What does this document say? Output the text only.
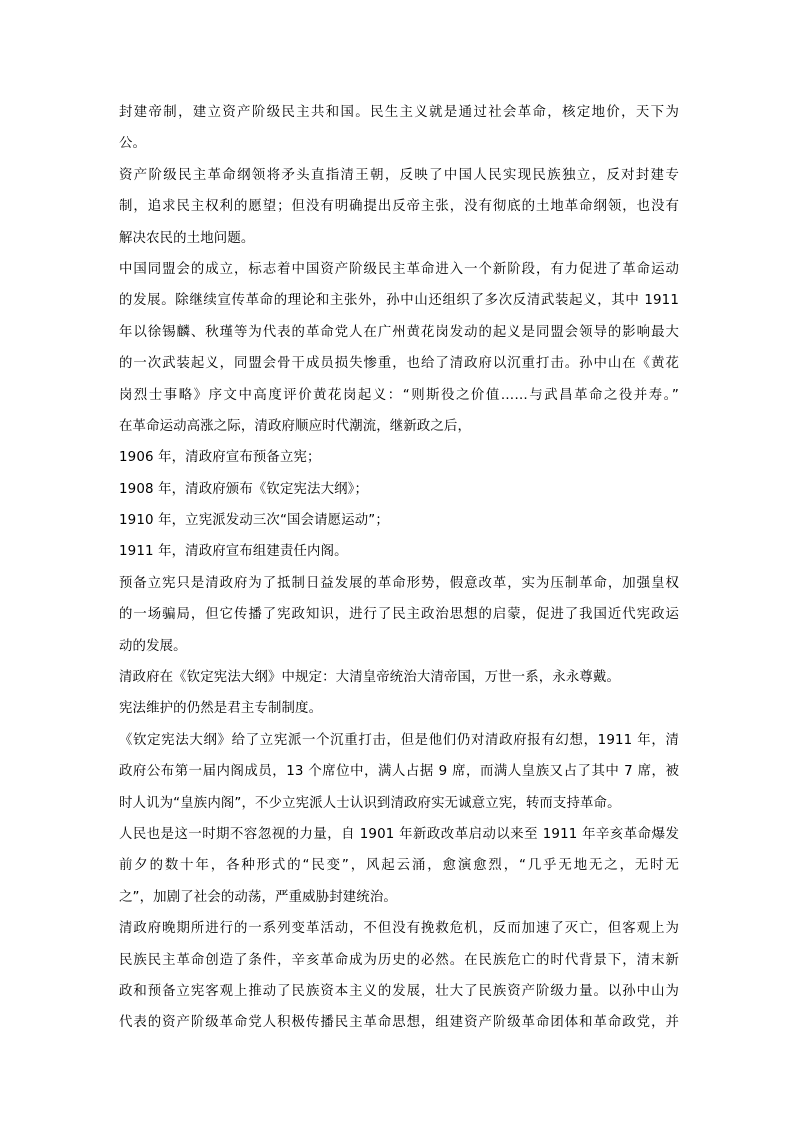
封建帝制，建立资产阶级民主共和国。民生主义就是通过社会革命，核定地价，天下为
公。
资产阶级民主革命纲领将矛头直指清王朝，反映了中国人民实现民族独立，反对封建专
制，追求民主权利的愿望；但没有明确提出反帝主张，没有彻底的土地革命纲领，也没有
解决农民的土地问题。
中国同盟会的成立，标志着中国资产阶级民主革命进入一个新阶段，有力促进了革命运动
的发展。除继续宣传革命的理论和主张外，孙中山还组织了多次反清武装起义，其中 1911
年以徐锡麟、秋瑾等为代表的革命党人在广州黄花岗发动的起义是同盟会领导的影响最大
的一次武装起义，同盟会骨干成员损失惨重，也给了清政府以沉重打击。孙中山在《黄花
岗烈士事略》序文中高度评价黄花岗起义：“则斯役之价值……与武昌革命之役并寿。”
在革命运动高涨之际，清政府顺应时代潮流，继新政之后，
1906 年，清政府宣布预备立宪；
1908 年，清政府颁布《钦定宪法大纲》；
1910 年，立宪派发动三次“国会请愿运动”；
1911 年，清政府宣布组建责任内阁。
预备立宪只是清政府为了抵制日益发展的革命形势，假意改革，实为压制革命，加强皇权
的一场骗局，但它传播了宪政知识，进行了民主政治思想的启蒙，促进了我国近代宪政运
动的发展。
清政府在《钦定宪法大纲》中规定：大清皇帝统治大清帝国，万世一系，永永尊戴。
宪法维护的仍然是君主专制制度。
《钦定宪法大纲》给了立宪派一个沉重打击，但是他们仍对清政府报有幻想，1911 年，清
政府公布第一届内阁成员，13 个席位中，满人占据 9 席，而满人皇族又占了其中 7 席，被
时人讥为“皇族内阁”，不少立宪派人士认识到清政府实无诚意立宪，转而支持革命。
人民也是这一时期不容忽视的力量，自 1901 年新政改革启动以来至 1911 年辛亥革命爆发
前夕的数十年，各种形式的“民变”，风起云涌，愈演愈烈，“几乎无地无之，无时无
之”，加剧了社会的动荡，严重威胁封建统治。
清政府晚期所进行的一系列变革活动，不但没有挽救危机，反而加速了灭亡，但客观上为
民族民主革命创造了条件，辛亥革命成为历史的必然。在民族危亡的时代背景下，清末新
政和预备立宪客观上推动了民族资本主义的发展，壮大了民族资产阶级力量。以孙中山为
代表的资产阶级革命党人积极传播民主革命思想，组建资产阶级革命团体和革命政党，并
